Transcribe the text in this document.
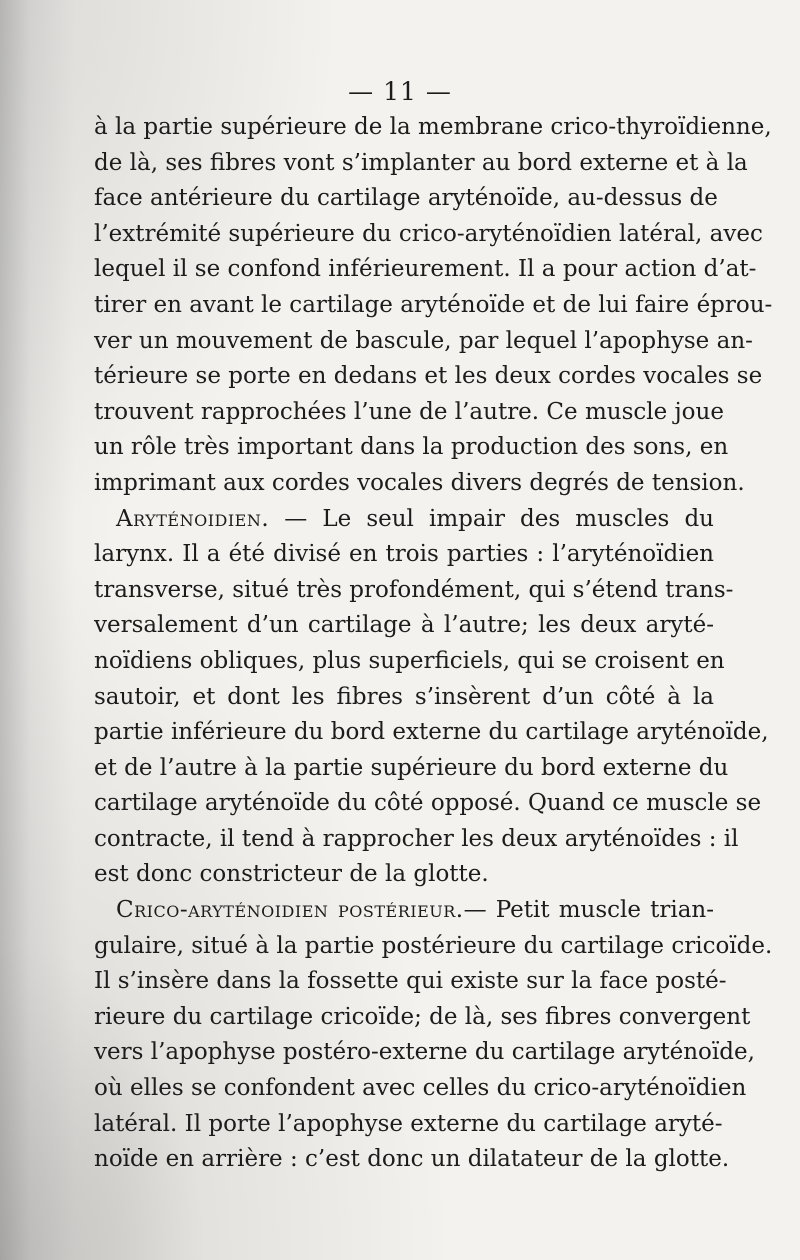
— 11 —
à la partie supérieure de la membrane crico-thyroïdienne,
de là, ses fibres vont s’implanter au bord externe et à la
face antérieure du cartilage aryténoïde, au-dessus de
l’extrémité supérieure du crico-aryténoïdien latéral, avec
lequel il se confond inférieurement. Il a pour action d’at-
tirer en avant le cartilage aryténoïde et de lui faire éprou-
ver un mouvement de bascule, par lequel l’apophyse an-
térieure se porte en dedans et les deux cordes vocales se
trouvent rapprochées l’une de l’autre. Ce muscle joue
un rôle très important dans la production des sons, en
imprimant aux cordes vocales divers degrés de tension.
Aryténoidien. — Le seul impair des muscles du
larynx. Il a été divisé en trois parties : l’aryténoïdien
transverse, situé très profondément, qui s’étend trans-
versalement d’un cartilage à l’autre; les deux aryté-
noïdiens obliques, plus superficiels, qui se croisent en
sautoir, et dont les fibres s’insèrent d’un côté à la
partie inférieure du bord externe du cartilage aryténoïde,
et de l’autre à la partie supérieure du bord externe du
cartilage aryténoïde du côté opposé. Quand ce muscle se
contracte, il tend à rapprocher les deux aryténoïdes : il
est donc constricteur de la glotte.
Crico-aryténoidien postérieur.— Petit muscle trian-
gulaire, situé à la partie postérieure du cartilage cricoïde.
Il s’insère dans la fossette qui existe sur la face posté-
rieure du cartilage cricoïde; de là, ses fibres convergent
vers l’apophyse postéro-externe du cartilage aryténoïde,
où elles se confondent avec celles du crico-aryténoïdien
latéral. Il porte l’apophyse externe du cartilage aryté-
noïde en arrière : c’est donc un dilatateur de la glotte.
